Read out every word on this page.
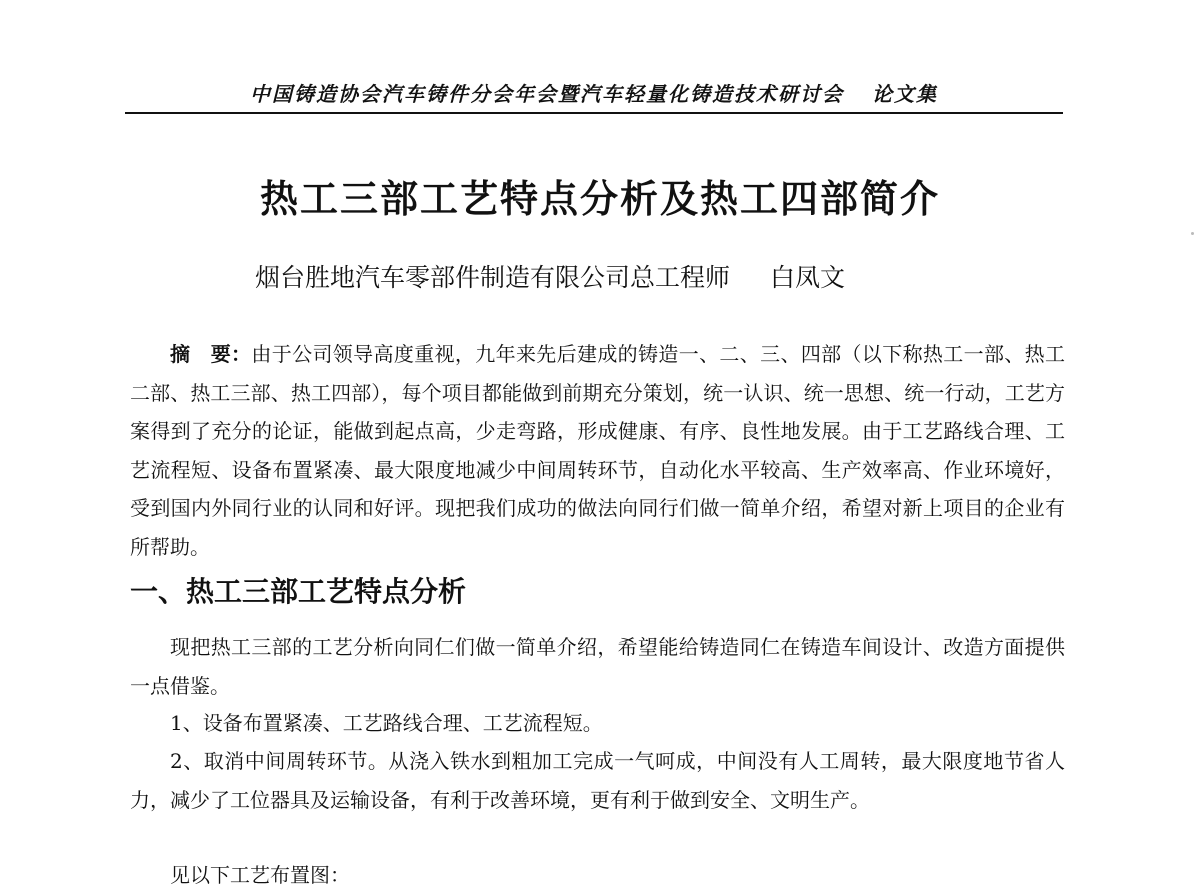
中国铸造协会汽车铸件分会年会暨汽车轻量化铸造技术研讨会 论文集
热工三部工艺特点分析及热工四部简介
烟台胜地汽车零部件制造有限公司总工程师 白凤文

摘　要：由于公司领导高度重视，九年来先后建成的铸造一、二、三、四部（以下称热工一部、热工二部、热工三部、热工四部），每个项目都能做到前期充分策划，统一认识、统一思想、统一行动，工艺方案得到了充分的论证，能做到起点高，少走弯路，形成健康、有序、良性地发展。由于工艺路线合理、工艺流程短、设备布置紧凑、最大限度地减少中间周转环节，自动化水平较高、生产效率高、作业环境好，受到国内外同行业的认同和好评。现把我们成功的做法向同行们做一简单介绍，希望对新上项目的企业有所帮助。

一、热工三部工艺特点分析

现把热工三部的工艺分析向同仁们做一简单介绍，希望能给铸造同仁在铸造车间设计、改造方面提供一点借鉴。

1、设备布置紧凑、工艺路线合理、工艺流程短。

2、取消中间周转环节。从浇入铁水到粗加工完成一气呵成，中间没有人工周转，最大限度地节省人力，减少了工位器具及运输设备，有利于改善环境，更有利于做到安全、文明生产。

见以下工艺布置图：
